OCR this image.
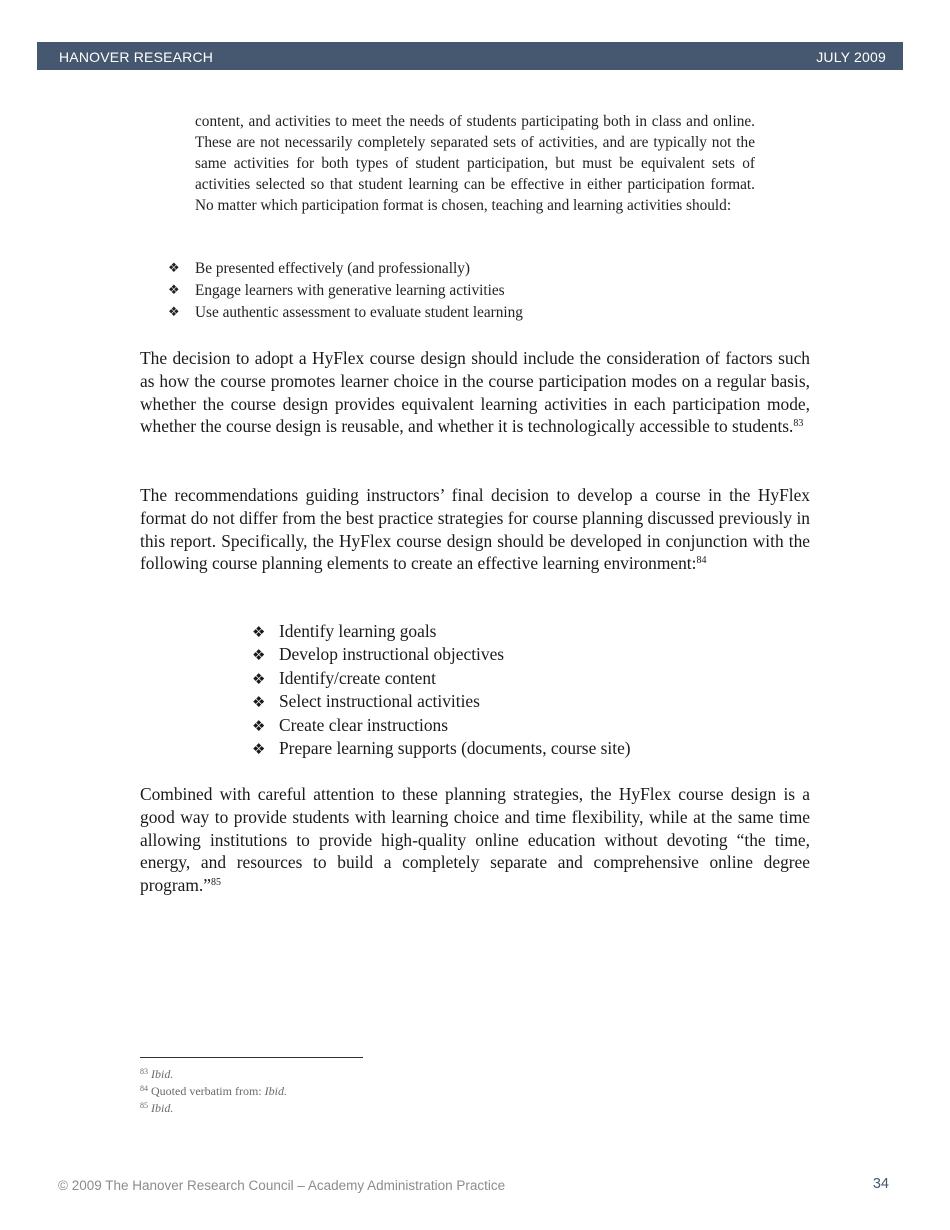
HANOVER RESEARCH	JULY 2009
content, and activities to meet the needs of students participating both in class and online. These are not necessarily completely separated sets of activities, and are typically not the same activities for both types of student participation, but must be equivalent sets of activities selected so that student learning can be effective in either participation format. No matter which participation format is chosen, teaching and learning activities should:
❖ Be presented effectively (and professionally)
❖ Engage learners with generative learning activities
❖ Use authentic assessment to evaluate student learning

The decision to adopt a HyFlex course design should include the consideration of factors such as how the course promotes learner choice in the course participation modes on a regular basis, whether the course design provides equivalent learning activities in each participation mode, whether the course design is reusable, and whether it is technologically accessible to students.$^{83}$

The recommendations guiding instructors’ final decision to develop a course in the HyFlex format do not differ from the best practice strategies for course planning discussed previously in this report. Specifically, the HyFlex course design should be developed in conjunction with the following course planning elements to create an effective learning environment:$^{84}$

❖ Identify learning goals
❖ Develop instructional objectives
❖ Identify/create content
❖ Select instructional activities
❖ Create clear instructions
❖ Prepare learning supports (documents, course site)

Combined with careful attention to these planning strategies, the HyFlex course design is a good way to provide students with learning choice and time flexibility, while at the same time allowing institutions to provide high-quality online education without devoting “the time, energy, and resources to build a completely separate and comprehensive online degree program.”$^{85}$

$^{83}$ Ibid.
$^{84}$ Quoted verbatim from: Ibid.
$^{85}$ Ibid.
© 2009 The Hanover Research Council – Academy Administration Practice	34
